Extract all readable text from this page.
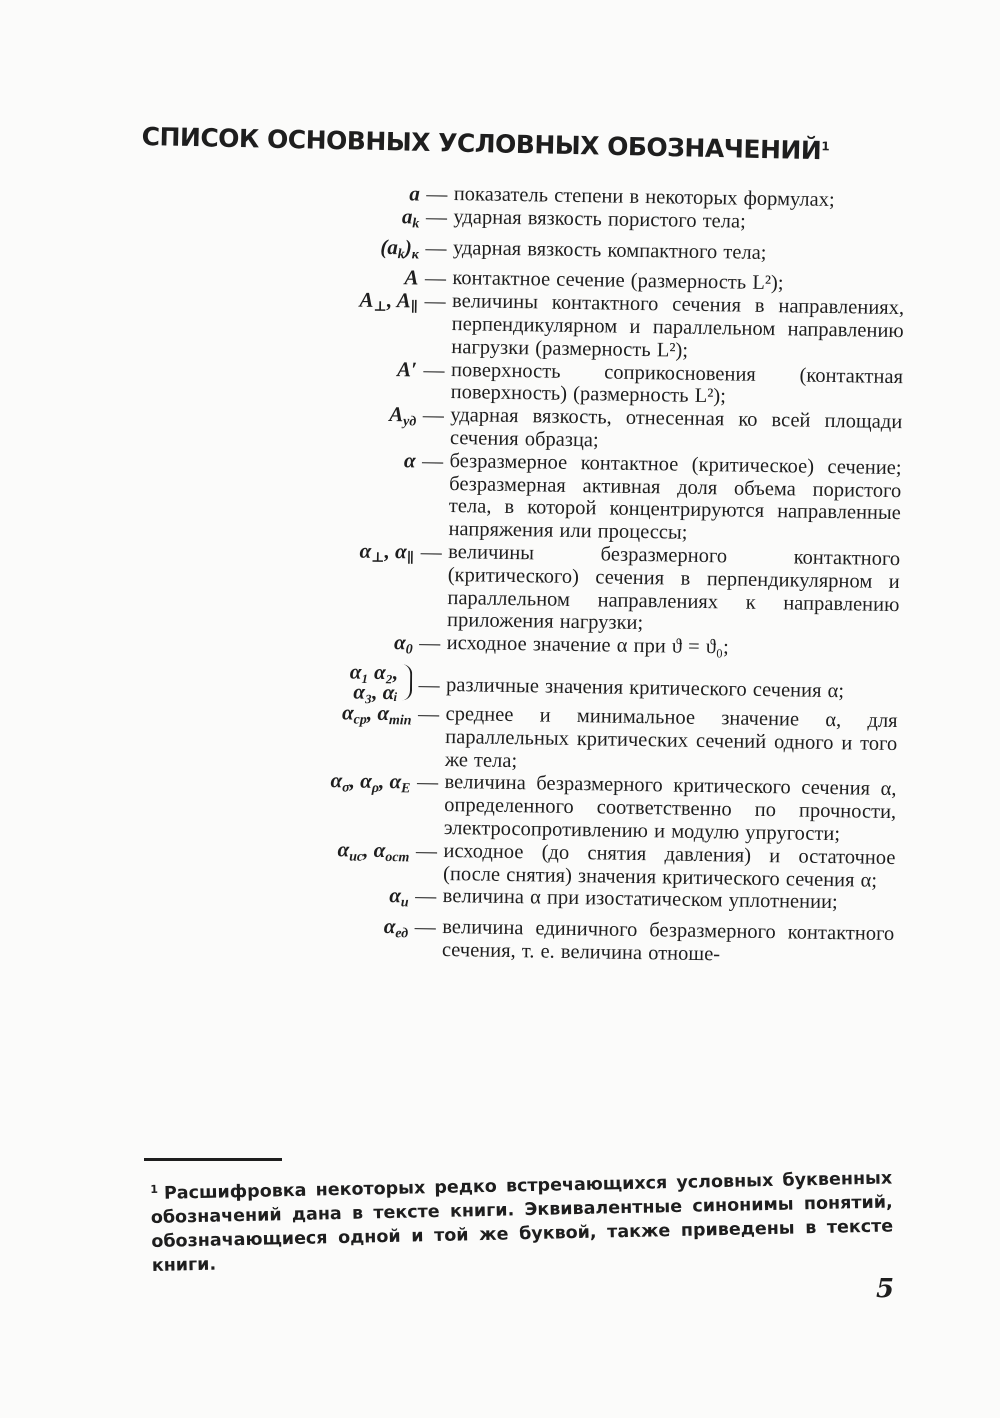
СПИСОК ОСНОВНЫХ УСЛОВНЫХ ОБОЗНАЧЕНИЙ$^1$
a — показатель степени в некоторых формулах;
$a_k$ — ударная вязкость пористого тела;
$(a_k)_к$ — ударная вязкость компактного тела;
A — контактное сечение (размерность L²);
$A_\perp$, $A_\parallel$ — величины контактного сечения в направлениях, перпендикулярном и параллельном направлению нагрузки (размерность L²);
A′ — поверхность соприкосновения (контактная поверхность) (размерность L²);
$A_{уд}$ — ударная вязкость, отнесенная ко всей площади сечения образца;
α — безразмерное контактное (критическое) сечение; безразмерная активная доля объема пористого тела, в которой концентрируются направленные напряжения или процессы;
$\alpha_\perp$, $\alpha_\parallel$ — величины безразмерного контактного (критического) сечения в перпендикулярном и параллельном направлениях к направлению приложения нагрузки;
$\alpha_0$ — исходное значение α при ϑ = ϑ₀;
α₁ α₂,
α₃, αᵢ — различные значения критического сечения α;
$\alpha_{ср}$, $\alpha_{min}$ — среднее и минимальное значение α, для параллельных критических сечений одного и того же тела;
$\alpha_\sigma$, $\alpha_\rho$, $\alpha_E$ — величина безразмерного критического сечения α, определенного соответственно по прочности, электросопротивлению и модулю упругости;
$\alpha_{ис}$, $\alpha_{ост}$ — исходное (до снятия давления) и остаточное (после снятия) значения критического сечения α;
$\alpha_и$ — величина α при изостатическом уплотнении;
$\alpha_{ед}$ — величина единичного безразмерного контактного сечения, т. е. величина отноше-
$^1$ Расшифровка некоторых редко встречающихся условных буквенных обозначений дана в тексте книги. Эквивалентные синонимы понятий, обозначающиеся одной и той же буквой, также приведены в тексте книги.
5
